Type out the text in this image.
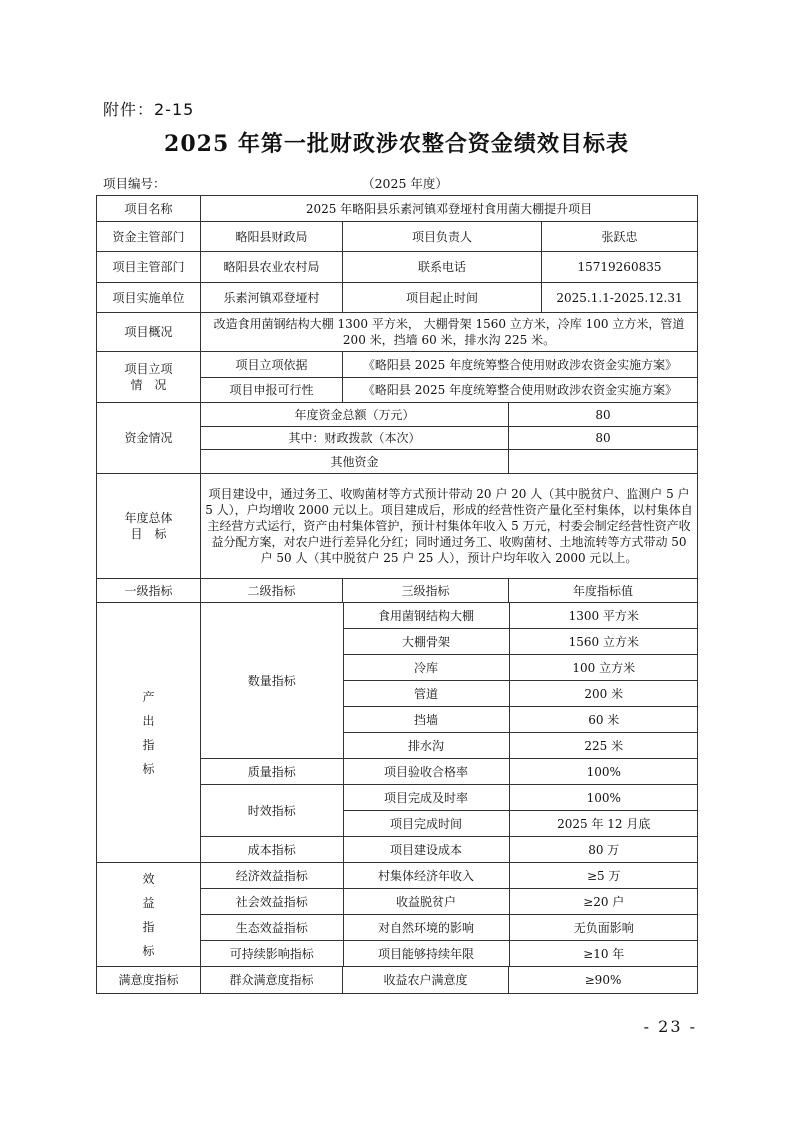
附件：2-15
2025 年第一批财政涉农整合资金绩效目标表
项目编号：	（2025 年度）
项目名称	2025 年略阳县乐素河镇邓登垭村食用菌大棚提升项目
资金主管部门	略阳县财政局	项目负责人	张跃忠
项目主管部门	略阳县农业农村局	联系电话	15719260835
项目实施单位	乐素河镇邓登垭村	项目起止时间	2025.1.1-2025.12.31
项目概况	改造食用菌钢结构大棚 1300 平方米， 大棚骨架 1560 立方米，冷库 100 立方米，管道 200 米，挡墙 60 米，排水沟 225 米。
项目立项
情　况	项目立项依据	《略阳县 2025 年度统筹整合使用财政涉农资金实施方案》
项目申报可行性	《略阳县 2025 年度统筹整合使用财政涉农资金实施方案》
资金情况	年度资金总额（万元）	80
其中：财政拨款（本次）	80
其他资金	
年度总体
目　标	项目建设中，通过务工、收购菌材等方式预计带动 20 户 20 人（其中脱贫户、监测户 5 户 5 人），户均增收 2000 元以上。项目建成后，形成的经营性资产量化至村集体，以村集体自主经营方式运行，资产由村集体管护，预计村集体年收入 5 万元，村委会制定经营性资产收益分配方案，对农户进行差异化分红；同时通过务工、收购菌材、土地流转等方式带动 50 户 50 人（其中脱贫户 25 户 25 人），预计户均年收入 2000 元以上。
一级指标	二级指标	三级指标	年度指标值
产
出
指
标	
数量指标	食用菌钢结构大棚	1300 平方米
大棚骨架	1560 立方米
冷库	100 立方米
管道	200 米
挡墙	60 米
排水沟	225 米
质量指标	项目验收合格率	100%
时效指标	项目完成及时率	100%
项目完成时间	2025 年 12 月底
成本指标	项目建设成本	80 万

效
益
指
标	
经济效益指标	村集体经济年收入	≥5 万
社会效益指标	收益脱贫户	≥20 户
生态效益指标	对自然环境的影响	无负面影响
可持续影响指标	项目能够持续年限	≥10 年

满意度指标	群众满意度指标	收益农户满意度	≥90%
- 23 -
